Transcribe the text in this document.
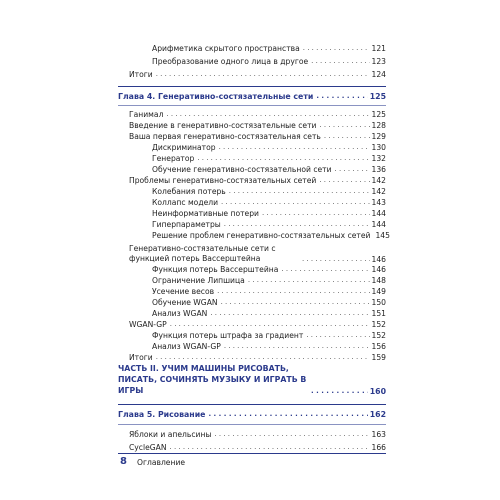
Арифметика скрытого пространства . . .	121
Преобразование одного лица в другое . . .	123
Итоги . . .	124
Глава 4. Генеративно-состязательные сети . . .	125
Ганимал . . .	125
Введение в генеративно-состязательные сети . . .	128
Ваша первая генеративно-состязательная сеть . . .	129
Дискриминатор . . .	130
Генератор . . .	132
Обучение генеративно-состязательной сети . . .	136
Проблемы генеративно-состязательных сетей . . .	142
Колебания потерь . . .	142
Коллапс модели . . .	143
Неинформативные потери . . .	144
Гиперпараметры . . .	144
Решение проблем генеративно-состязательных сетей 145
Генеративно-состязательные сети с функцией потерь Вассерштейна . . .	146
Функция потерь Вассерштейна . . .	146
Ограничение Липшица . . .	148
Усечение весов . . .	149
Обучение WGAN . . .	150
Анализ WGAN . . .	151
WGAN-GP . . .	152
Функция потерь штрафа за градиент . . .	152
Анализ WGAN-GP . . .	156
Итоги . . .	159
ЧАСТЬ II. УЧИМ МАШИНЫ РИСОВАТЬ, ПИСАТЬ, СОЧИНЯТЬ МУЗЫКУ И ИГРАТЬ В ИГРЫ . . .	160
Глава 5. Рисование . . .	162
Яблоки и апельсины . . .	163
CycleGAN . . .	166
8 Оглавление
